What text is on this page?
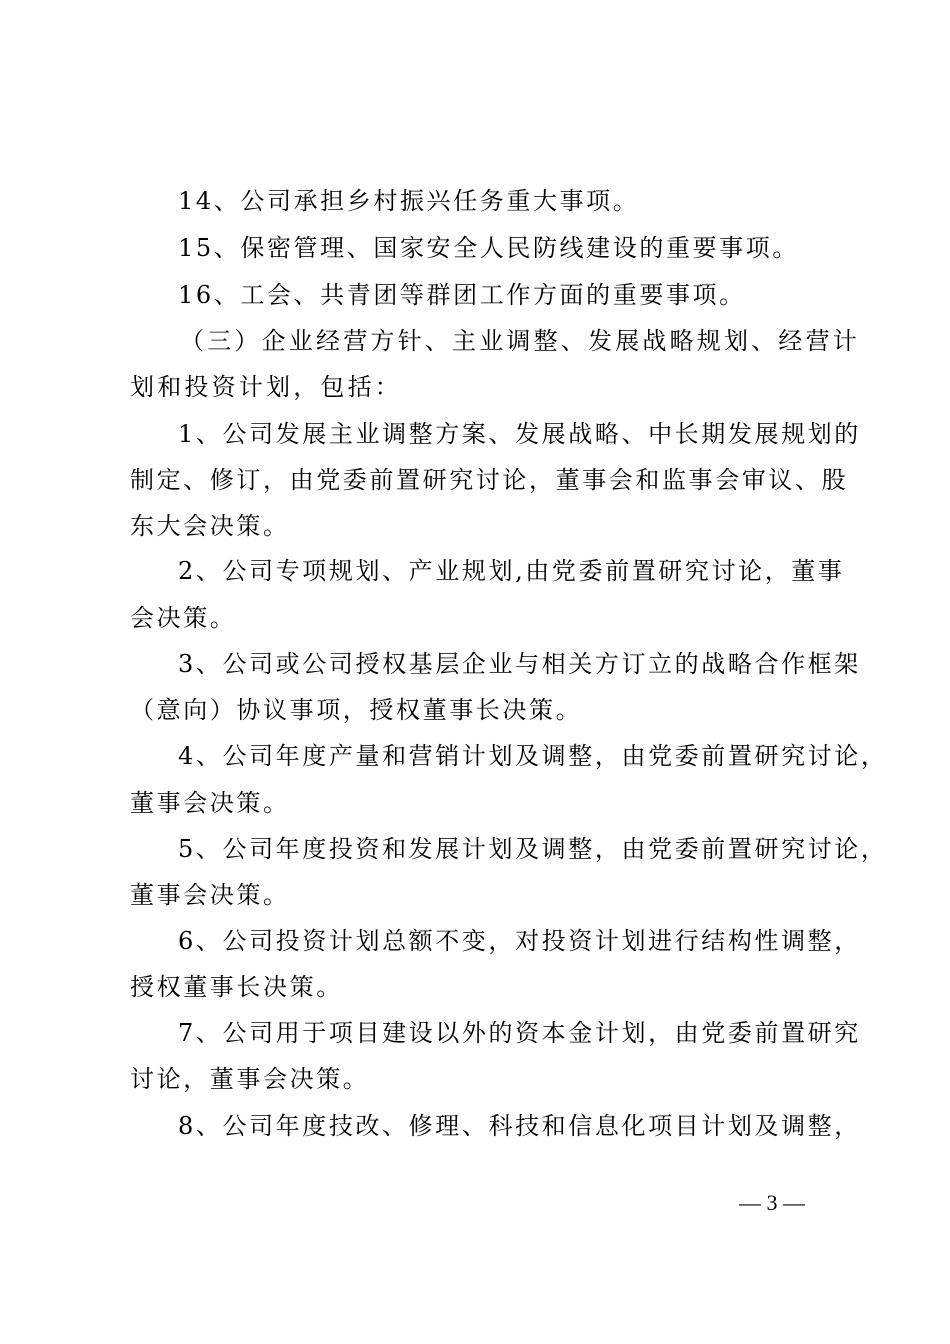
14、公司承担乡村振兴任务重大事项。
15、保密管理、国家安全人民防线建设的重要事项。
16、工会、共青团等群团工作方面的重要事项。
（三）企业经营方针、主业调整、发展战略规划、经营计
划和投资计划，包括：
1、公司发展主业调整方案、发展战略、中长期发展规划的
制定、修订，由党委前置研究讨论，董事会和监事会审议、股
东大会决策。
2、公司专项规划、产业规划,由党委前置研究讨论，董事
会决策。
3、公司或公司授权基层企业与相关方订立的战略合作框架
（意向）协议事项，授权董事长决策。
4、公司年度产量和营销计划及调整，由党委前置研究讨论，
董事会决策。
5、公司年度投资和发展计划及调整，由党委前置研究讨论，
董事会决策。
6、公司投资计划总额不变，对投资计划进行结构性调整，
授权董事长决策。
7、公司用于项目建设以外的资本金计划，由党委前置研究
讨论，董事会决策。
8、公司年度技改、修理、科技和信息化项目计划及调整，
— 3 —
